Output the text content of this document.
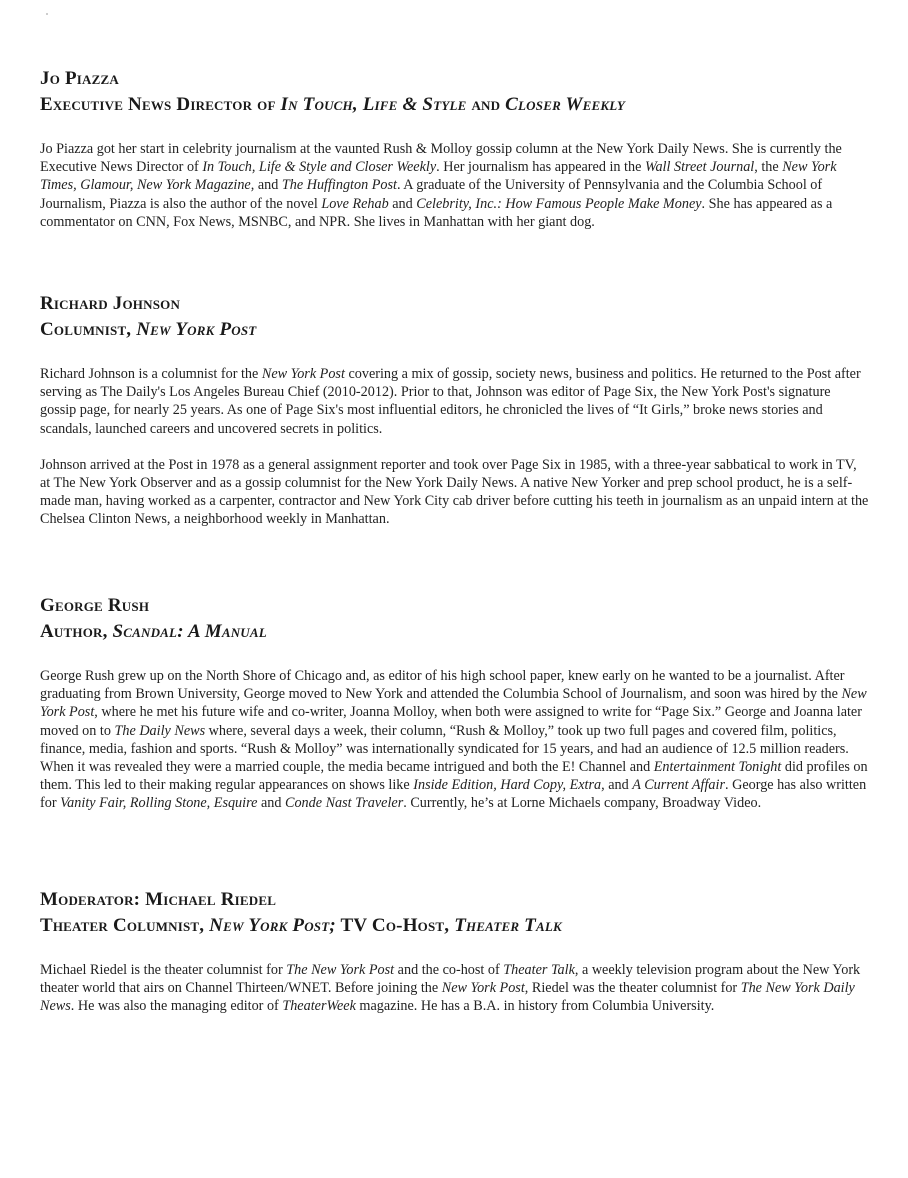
Jo Piazza
Executive News Director of In Touch, Life & Style and Closer Weekly

Jo Piazza got her start in celebrity journalism at the vaunted Rush & Molloy gossip column at the New York Daily News. She is currently the Executive News Director of In Touch, Life & Style and Closer Weekly. Her journalism has appeared in the Wall Street Journal, the New York Times, Glamour, New York Magazine, and The Huffington Post. A graduate of the University of Pennsylvania and the Columbia School of Journalism, Piazza is also the author of the novel Love Rehab and Celebrity, Inc.: How Famous People Make Money. She has appeared as a commentator on CNN, Fox News, MSNBC, and NPR. She lives in Manhattan with her giant dog.

Richard Johnson
Columnist, New York Post

Richard Johnson is a columnist for the New York Post covering a mix of gossip, society news, business and politics. He returned to the Post after serving as The Daily's Los Angeles Bureau Chief (2010-2012). Prior to that, Johnson was editor of Page Six, the New York Post's signature gossip page, for nearly 25 years. As one of Page Six's most influential editors, he chronicled the lives of “It Girls,” broke news stories and scandals, launched careers and uncovered secrets in politics.

Johnson arrived at the Post in 1978 as a general assignment reporter and took over Page Six in 1985, with a three-year sabbatical to work in TV, at The New York Observer and as a gossip columnist for the New York Daily News. A native New Yorker and prep school product, he is a self-made man, having worked as a carpenter, contractor and New York City cab driver before cutting his teeth in journalism as an unpaid intern at the Chelsea Clinton News, a neighborhood weekly in Manhattan.

George Rush
Author, Scandal: A Manual

George Rush grew up on the North Shore of Chicago and, as editor of his high school paper, knew early on he wanted to be a journalist. After graduating from Brown University, George moved to New York and attended the Columbia School of Journalism, and soon was hired by the New York Post, where he met his future wife and co-writer, Joanna Molloy, when both were assigned to write for “Page Six.” George and Joanna later moved on to The Daily News where, several days a week, their column, “Rush & Molloy,” took up two full pages and covered film, politics, finance, media, fashion and sports. “Rush & Molloy” was internationally syndicated for 15 years, and had an audience of 12.5 million readers. When it was revealed they were a married couple, the media became intrigued and both the E! Channel and Entertainment Tonight did profiles on them. This led to their making regular appearances on shows like Inside Edition, Hard Copy, Extra, and A Current Affair. George has also written for Vanity Fair, Rolling Stone, Esquire and Conde Nast Traveler. Currently, he’s at Lorne Michaels company, Broadway Video.

Moderator: Michael Riedel
Theater Columnist, New York Post; TV Co-Host, Theater Talk

Michael Riedel is the theater columnist for The New York Post and the co-host of Theater Talk, a weekly television program about the New York theater world that airs on Channel Thirteen/WNET. Before joining the New York Post, Riedel was the theater columnist for The New York Daily News. He was also the managing editor of TheaterWeek magazine. He has a B.A. in history from Columbia University.
